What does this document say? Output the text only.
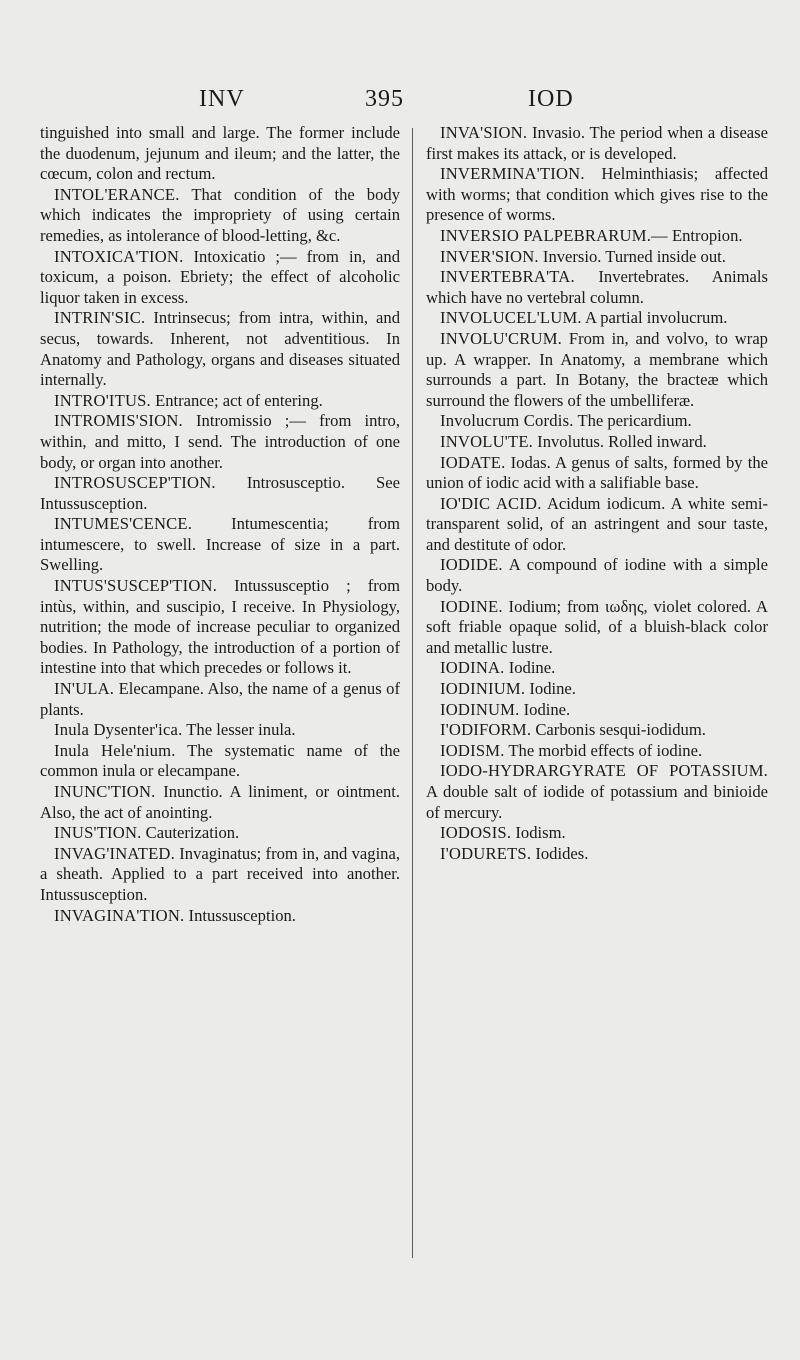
INV	395	IOD

tinguished into small and large. The former include the duodenum, jejunum and ileum; and the latter, the cœcum, colon and rectum.

INTOL'ERANCE. That condition of the body which indicates the impropriety of using certain remedies, as intolerance of blood-letting, &c.

INTOXICA'TION. Intoxicatio ;— from in, and toxicum, a poison. Ebriety; the effect of alcoholic liquor taken in excess.

INTRIN'SIC. Intrinsecus; from intra, within, and secus, towards. Inherent, not adventitious. In Anatomy and Pathology, organs and diseases situated internally.

INTRO'ITUS. Entrance; act of entering.

INTROMIS'SION. Intromissio ;— from intro, within, and mitto, I send. The introduction of one body, or organ into another.

INTROSUSCEP'TION. Introsusceptio. See Intussusception.

INTUMES'CENCE. Intumescentia; from intumescere, to swell. Increase of size in a part. Swelling.

INTUS'SUSCEP'TION. Intussusceptio ; from intùs, within, and suscipio, I receive. In Physiology, nutrition; the mode of increase peculiar to organized bodies. In Pathology, the introduction of a portion of intestine into that which precedes or follows it.

IN'ULA. Elecampane. Also, the name of a genus of plants.

Inula Dysenter'ica. The lesser inula.

Inula Hele'nium. The systematic name of the common inula or elecampane.

INUNC'TION. Inunctio. A liniment, or ointment. Also, the act of anointing.

INUS'TION. Cauterization.

INVAG'INATED. Invaginatus; from in, and vagina, a sheath. Applied to a part received into another. Intussusception.

INVAGINA'TION. Intussusception.

INVA'SION. Invasio. The period when a disease first makes its attack, or is developed.

INVERMINA'TION. Helminthiasis; affected with worms; that condition which gives rise to the presence of worms.

INVERSIO PALPEBRARUM.— Entropion.

INVER'SION. Inversio. Turned inside out.

INVERTEBRA'TA. Invertebrates. Animals which have no vertebral column.

INVOLUCEL'LUM. A partial involucrum.

INVOLU'CRUM. From in, and volvo, to wrap up. A wrapper. In Anatomy, a membrane which surrounds a part. In Botany, the bracteæ which surround the flowers of the umbelliferæ.

Involucrum Cordis. The pericardium.

INVOLU'TE. Involutus. Rolled inward.

IODATE. Iodas. A genus of salts, formed by the union of iodic acid with a salifiable base.

IO'DIC ACID. Acidum iodicum. A white semi-transparent solid, of an astringent and sour taste, and destitute of odor.

IODIDE. A compound of iodine with a simple body.

IODINE. Iodium; from ιωδης, violet colored. A soft friable opaque solid, of a bluish-black color and metallic lustre.

IODINA. Iodine.

IODINIUM. Iodine.

IODINUM. Iodine.

I'ODIFORM. Carbonis sesqui-iodidum.

IODISM. The morbid effects of iodine.

IODO-HYDRARGYRATE OF POTASSIUM. A double salt of iodide of potassium and binioide of mercury.

IODOSIS. Iodism.

I'ODURETS. Iodides.
